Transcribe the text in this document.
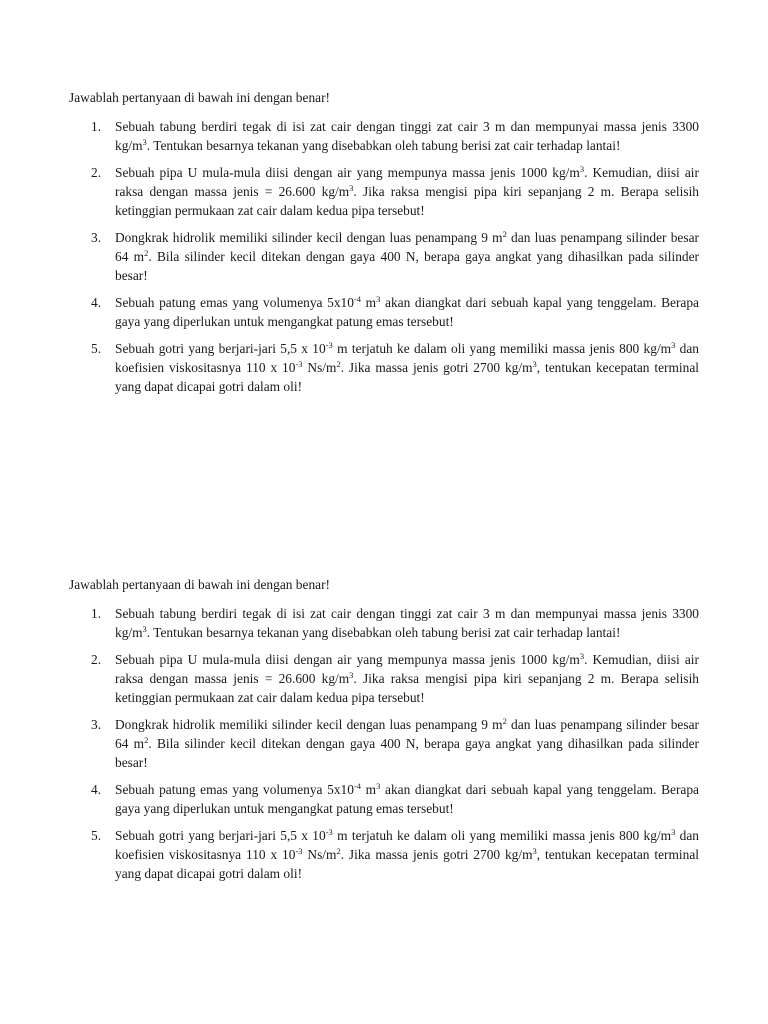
Jawablah pertanyaan di bawah ini dengan benar!

1. Sebuah tabung berdiri tegak di isi zat cair dengan tinggi zat cair 3 m dan mempunyai massa jenis 3300 $kg/m^3$. Tentukan besarnya tekanan yang disebabkan oleh tabung berisi zat cair terhadap lantai!
2. Sebuah pipa U mula-mula diisi dengan air yang mempunya massa jenis 1000 $kg/m^3$. Kemudian, diisi air raksa dengan massa jenis = 26.600 $kg/m^3$. Jika raksa mengisi pipa kiri sepanjang 2 m. Berapa selisih ketinggian permukaan zat cair dalam kedua pipa tersebut!
3. Dongkrak hidrolik memiliki silinder kecil dengan luas penampang 9 $m^2$ dan luas penampang silinder besar 64 $m^2$. Bila silinder kecil ditekan dengan gaya 400 N, berapa gaya angkat yang dihasilkan pada silinder besar!
4. Sebuah patung emas yang volumenya $5x10^{-4}$ $m^3$ akan diangkat dari sebuah kapal yang tenggelam. Berapa gaya yang diperlukan untuk mengangkat patung emas tersebut!
5. Sebuah gotri yang berjari-jari 5,5 x $10^{-3}$ m terjatuh ke dalam oli yang memiliki massa jenis 800 $kg/m^3$ dan koefisien viskositasnya 110 x $10^{-3}$ $Ns/m^2$. Jika massa jenis gotri 2700 $kg/m^3$, tentukan kecepatan terminal yang dapat dicapai gotri dalam oli!

Jawablah pertanyaan di bawah ini dengan benar!

1. Sebuah tabung berdiri tegak di isi zat cair dengan tinggi zat cair 3 m dan mempunyai massa jenis 3300 $kg/m^3$. Tentukan besarnya tekanan yang disebabkan oleh tabung berisi zat cair terhadap lantai!
2. Sebuah pipa U mula-mula diisi dengan air yang mempunya massa jenis 1000 $kg/m^3$. Kemudian, diisi air raksa dengan massa jenis = 26.600 $kg/m^3$. Jika raksa mengisi pipa kiri sepanjang 2 m. Berapa selisih ketinggian permukaan zat cair dalam kedua pipa tersebut!
3. Dongkrak hidrolik memiliki silinder kecil dengan luas penampang 9 $m^2$ dan luas penampang silinder besar 64 $m^2$. Bila silinder kecil ditekan dengan gaya 400 N, berapa gaya angkat yang dihasilkan pada silinder besar!
4. Sebuah patung emas yang volumenya $5x10^{-4}$ $m^3$ akan diangkat dari sebuah kapal yang tenggelam. Berapa gaya yang diperlukan untuk mengangkat patung emas tersebut!
5. Sebuah gotri yang berjari-jari 5,5 x $10^{-3}$ m terjatuh ke dalam oli yang memiliki massa jenis 800 $kg/m^3$ dan koefisien viskositasnya 110 x $10^{-3}$ $Ns/m^2$. Jika massa jenis gotri 2700 $kg/m^3$, tentukan kecepatan terminal yang dapat dicapai gotri dalam oli!
